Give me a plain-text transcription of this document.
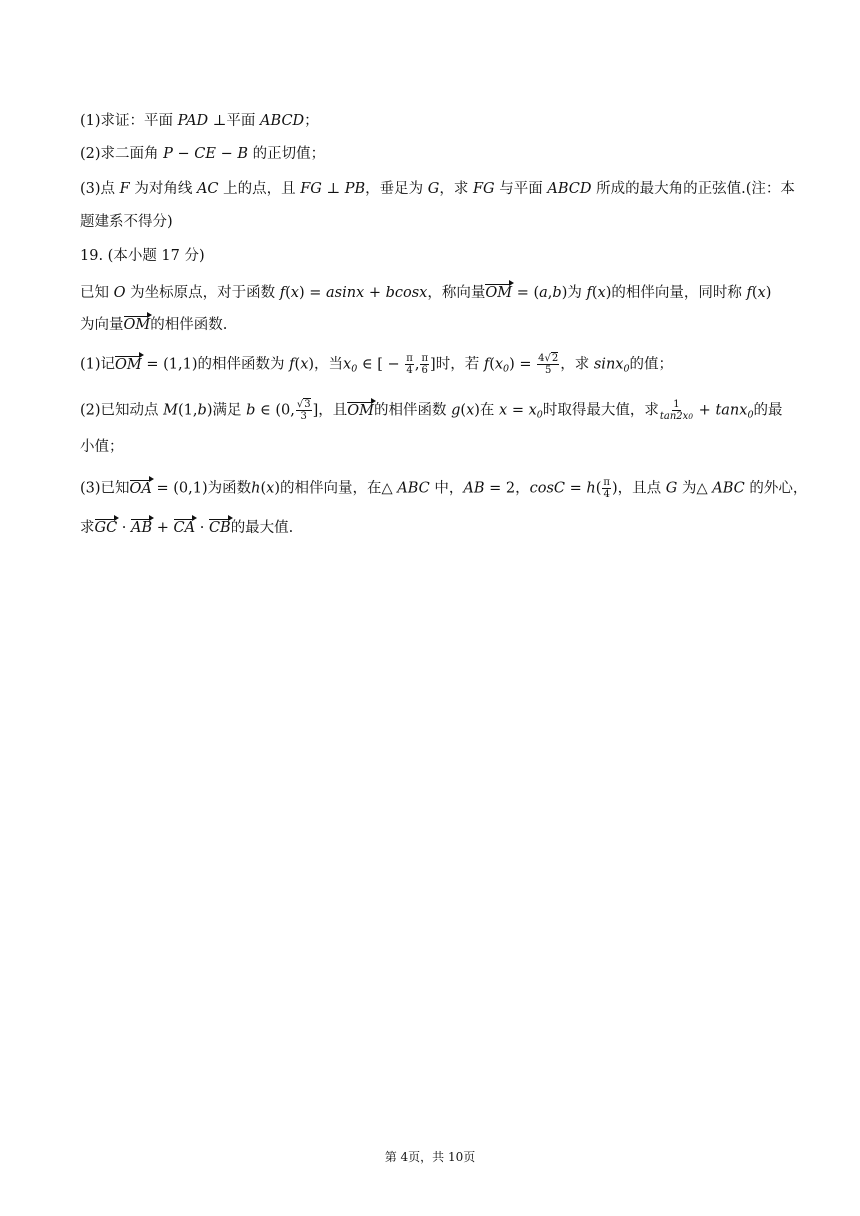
(1)求证：平面 PAD ⊥平面 ABCD；
(2)求二面角 P − CE − B 的正切值；
(3)点 F 为对角线 AC 上的点，且 FG ⊥ PB，垂足为 G，求 FG 与平面 ABCD 所成的最大角的正弦值.(注：本
题建系不得分)
19. (本小题 17 分)
已知 O 为坐标原点，对于函数 f(x) = asinx + bcosx，称向量OM = (a,b)为 f(x)的相伴向量，同时称 f(x)
为向量OM的相伴函数.
(1)记OM = (1,1)的相伴函数为 f(x)，当$x_0$ ∈ [ − $\frac{\pi}{4}$ , $\frac{\pi}{6}$ ]时，若 $f(x_0) = \frac{4√2}{5}$ ，求 sinx$_0$的值；
(2)已知动点 M(1,b)满足 b ∈ (0, $\frac{√3}{3}$ ]，且OM的相伴函数 g(x)在 $x = x_0$时取得最大值，求 $\frac{1}{\tan 2x0} + \tan x_0$的最
小值；
(3)已知OA = (0,1)为函数h(x)的相伴向量，在△ ABC 中，AB = 2，$\cos C = h( \frac{\pi}{4}$ )，且点 G 为△ ABC 的外心，
求GC · AB + CA · CB的最大值.
第 4页，共 10页
